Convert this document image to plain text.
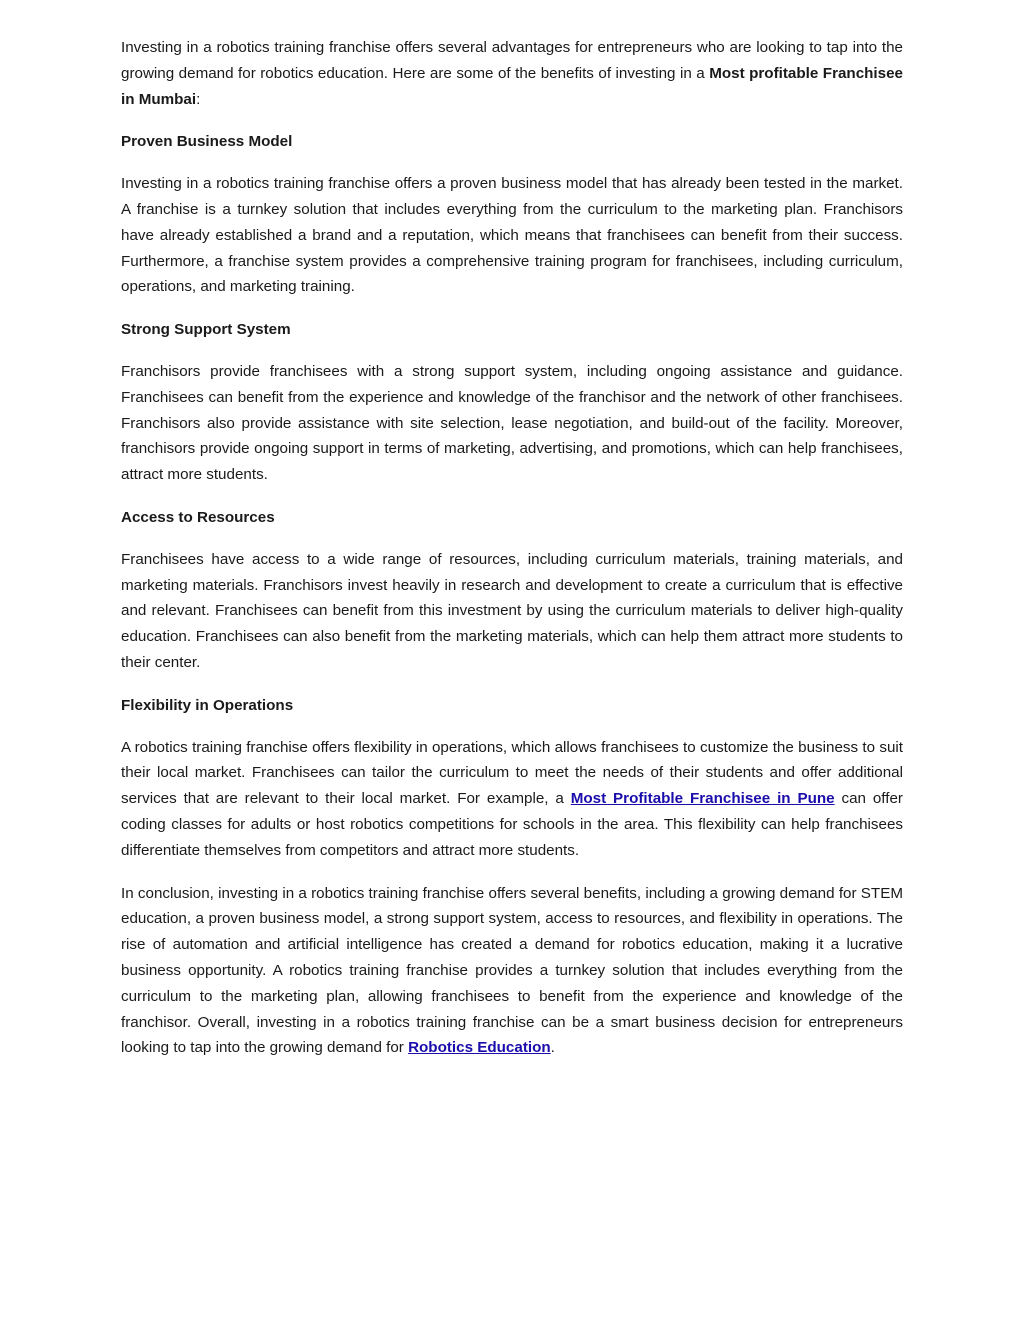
Investing in a robotics training franchise offers several advantages for entrepreneurs who are looking to tap into the growing demand for robotics education. Here are some of the benefits of investing in a Most profitable Franchisee in Mumbai:

Proven Business Model

Investing in a robotics training franchise offers a proven business model that has already been tested in the market. A franchise is a turnkey solution that includes everything from the curriculum to the marketing plan. Franchisors have already established a brand and a reputation, which means that franchisees can benefit from their success. Furthermore, a franchise system provides a comprehensive training program for franchisees, including curriculum, operations, and marketing training.

Strong Support System

Franchisors provide franchisees with a strong support system, including ongoing assistance and guidance. Franchisees can benefit from the experience and knowledge of the franchisor and the network of other franchisees. Franchisors also provide assistance with site selection, lease negotiation, and build-out of the facility. Moreover, franchisors provide ongoing support in terms of marketing, advertising, and promotions, which can help franchisees, attract more students.

Access to Resources

Franchisees have access to a wide range of resources, including curriculum materials, training materials, and marketing materials. Franchisors invest heavily in research and development to create a curriculum that is effective and relevant. Franchisees can benefit from this investment by using the curriculum materials to deliver high-quality education. Franchisees can also benefit from the marketing materials, which can help them attract more students to their center.

Flexibility in Operations

A robotics training franchise offers flexibility in operations, which allows franchisees to customize the business to suit their local market. Franchisees can tailor the curriculum to meet the needs of their students and offer additional services that are relevant to their local market. For example, a Most Profitable Franchisee in Pune can offer coding classes for adults or host robotics competitions for schools in the area. This flexibility can help franchisees differentiate themselves from competitors and attract more students.

In conclusion, investing in a robotics training franchise offers several benefits, including a growing demand for STEM education, a proven business model, a strong support system, access to resources, and flexibility in operations. The rise of automation and artificial intelligence has created a demand for robotics education, making it a lucrative business opportunity. A robotics training franchise provides a turnkey solution that includes everything from the curriculum to the marketing plan, allowing franchisees to benefit from the experience and knowledge of the franchisor. Overall, investing in a robotics training franchise can be a smart business decision for entrepreneurs looking to tap into the growing demand for Robotics Education.
